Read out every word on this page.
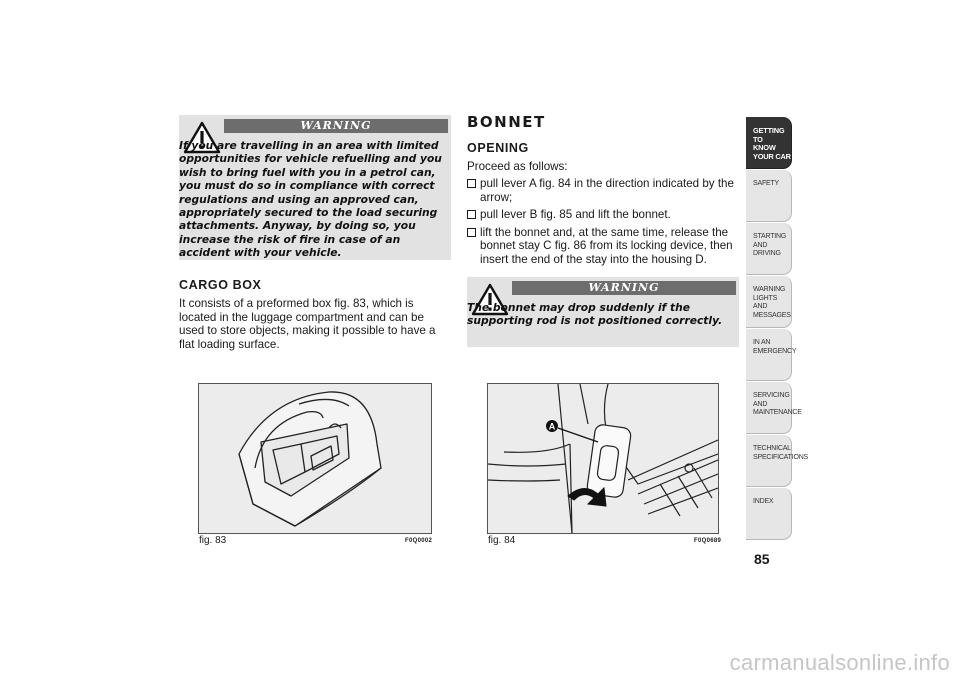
WARNING

If you are travelling in an area with limited opportunities for vehicle refuelling and you wish to bring fuel with you in a petrol can, you must do so in compliance with correct regulations and using an approved can, appropriately secured to the load securing attachments. Anyway, by doing so, you increase the risk of fire in case of an accident with your vehicle.

CARGO BOX

It consists of a preformed box fig. 83, which is located in the luggage compartment and can be used to store objects, making it possible to have a flat loading surface.

fig. 83	F0Q0002

BONNET
OPENING

Proceed as follows:

pull lever A fig. 84 in the direction indicated by the arrow;
pull lever B fig. 85 and lift the bonnet.
lift the bonnet and, at the same time, release the bonnet stay C fig. 86 from its locking device, then insert the end of the stay into the housing D.
WARNING

The bonnet may drop suddenly if the supporting rod is not positioned correctly.

A

fig. 84	F0Q0689

GETTING TO
KNOW YOUR CAR
SAFETY
STARTING AND
DRIVING
WARNING LIGHTS
AND MESSAGES
IN AN EMERGENCY
SERVICING AND
MAINTENANCE
TECHNICAL
SPECIFICATIONS
INDEX

85

carmanualsonline.info
